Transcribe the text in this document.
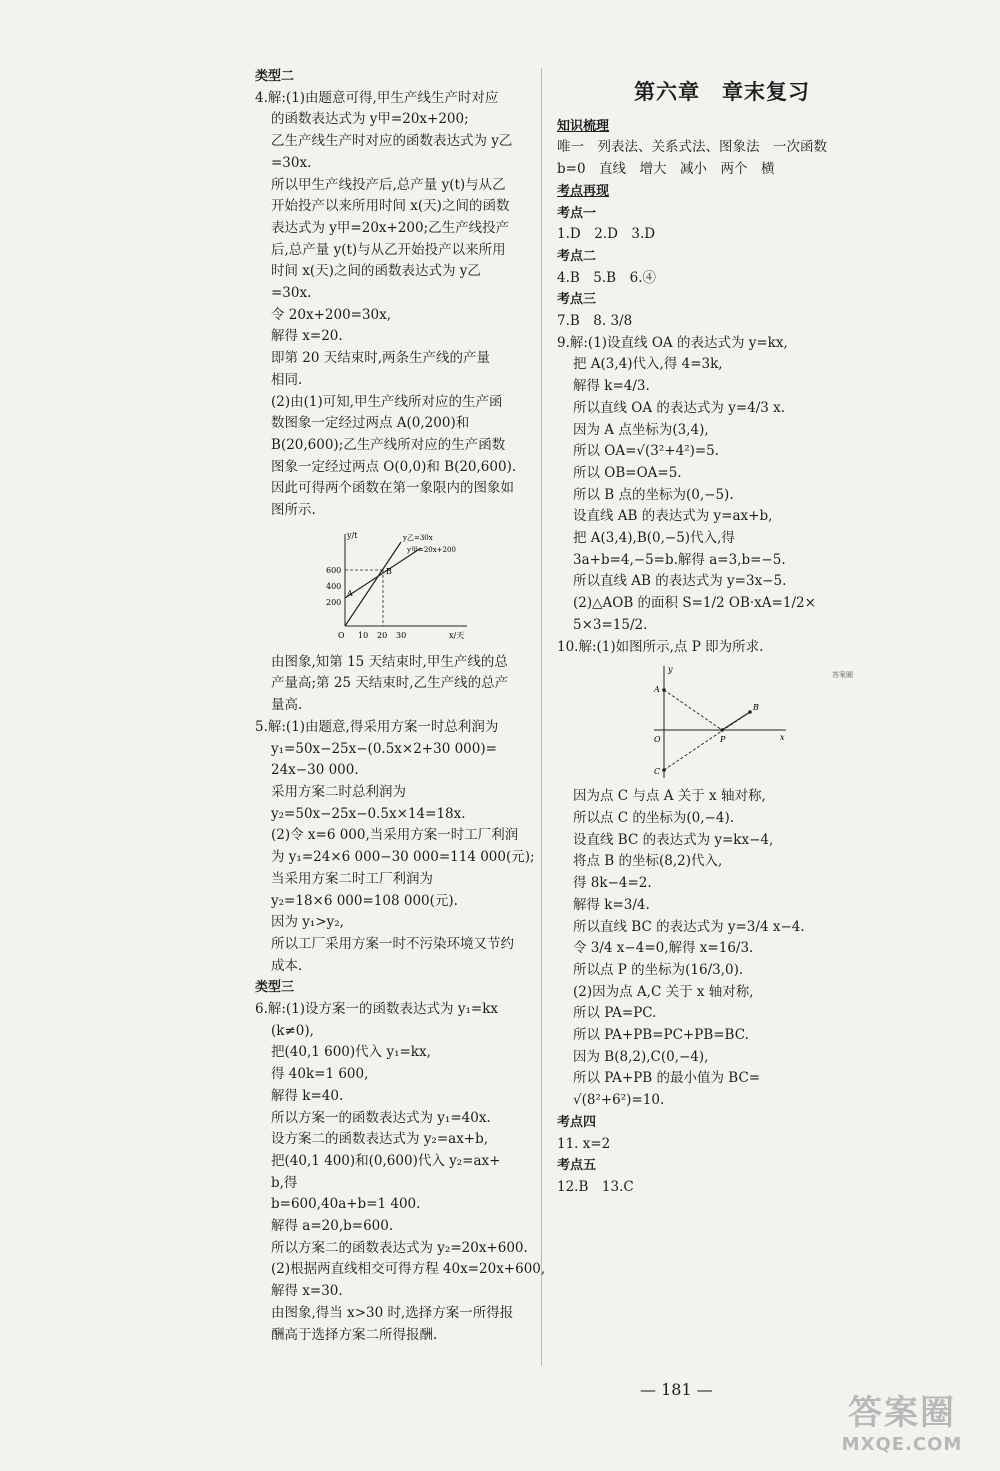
类型二
4.解:(1)由题意可得,甲生产线生产时对应
的函数表达式为 y甲=20x+200;
乙生产线生产时对应的函数表达式为 y乙
=30x.
所以甲生产线投产后,总产量 y(t)与从乙
开始投产以来所用时间 x(天)之间的函数
表达式为 y甲=20x+200;乙生产线投产
后,总产量 y(t)与从乙开始投产以来所用
时间 x(天)之间的函数表达式为 y乙
=30x.
令 20x+200=30x,
解得 x=20.
即第 20 天结束时,两条生产线的产量
相同.
(2)由(1)可知,甲生产线所对应的生产函
数图象一定经过两点 A(0,200)和
B(20,600);乙生产线所对应的生产函数
图象一定经过两点 O(0,0)和 B(20,600).
因此可得两个函数在第一象限内的图象如
图所示.
y/t
x/天
600
400
200
10 20 30
O
y乙=30x
y甲=20x+200
A
B
由图象,知第 15 天结束时,甲生产线的总
产量高;第 25 天结束时,乙生产线的总产
量高.
5.解:(1)由题意,得采用方案一时总利润为
y₁=50x−25x−(0.5x×2+30 000)=
24x−30 000.
采用方案二时总利润为
y₂=50x−25x−0.5x×14=18x.
(2)令 x=6 000,当采用方案一时工厂利润
为 y₁=24×6 000−30 000=114 000(元);
当采用方案二时工厂利润为
y₂=18×6 000=108 000(元).
因为 y₁>y₂,
所以工厂采用方案一时不污染环境又节约
成本.
类型三
6.解:(1)设方案一的函数表达式为 y₁=kx
(k≠0),
把(40,1 600)代入 y₁=kx,
得 40k=1 600,
解得 k=40.
所以方案一的函数表达式为 y₁=40x.
设方案二的函数表达式为 y₂=ax+b,
把(40,1 400)和(0,600)代入 y₂=ax+
b,得
b=600,40a+b=1 400.
解得 a=20,b=600.
所以方案二的函数表达式为 y₂=20x+600.
(2)根据两直线相交可得方程 40x=20x+600,
解得 x=30.
由图象,得当 x>30 时,选择方案一所得报
酬高于选择方案二所得报酬.
第六章　章末复习
知识梳理
唯一　列表法、关系式法、图象法　一次函数
b=0　直线　增大　减小　两个　横
考点再现
考点一
1.D　2.D　3.D
考点二
4.B　5.B　6.④
考点三
7.B　8. 3/8
9.解:(1)设直线 OA 的表达式为 y=kx,
把 A(3,4)代入,得 4=3k,
解得 k=4/3.
所以直线 OA 的表达式为 y=4/3 x.
因为 A 点坐标为(3,4),
所以 OA=√(3²+4²)=5.
所以 OB=OA=5.
所以 B 点的坐标为(0,−5).
设直线 AB 的表达式为 y=ax+b,
把 A(3,4),B(0,−5)代入,得
3a+b=4,−5=b.解得 a=3,b=−5.
所以直线 AB 的表达式为 y=3x−5.
(2)△AOB 的面积 S=1/2 OB·xA=1/2×
5×3=15/2.
10.解:(1)如图所示,点 P 即为所求.
y
x
O
A
B
C
P
因为点 C 与点 A 关于 x 轴对称,
所以点 C 的坐标为(0,−4).
设直线 BC 的表达式为 y=kx−4,
将点 B 的坐标(8,2)代入,
得 8k−4=2.
解得 k=3/4.
所以直线 BC 的表达式为 y=3/4 x−4.
令 3/4 x−4=0,解得 x=16/3.
所以点 P 的坐标为(16/3,0).
(2)因为点 A,C 关于 x 轴对称,
所以 PA=PC.
所以 PA+PB=PC+PB=BC.
因为 B(8,2),C(0,−4),
所以 PA+PB 的最小值为 BC=
√(8²+6²)=10.
考点四
11. x=2
考点五
12.B　13.C
答案圈
— 181 —
答案圈
MXQE.COM
